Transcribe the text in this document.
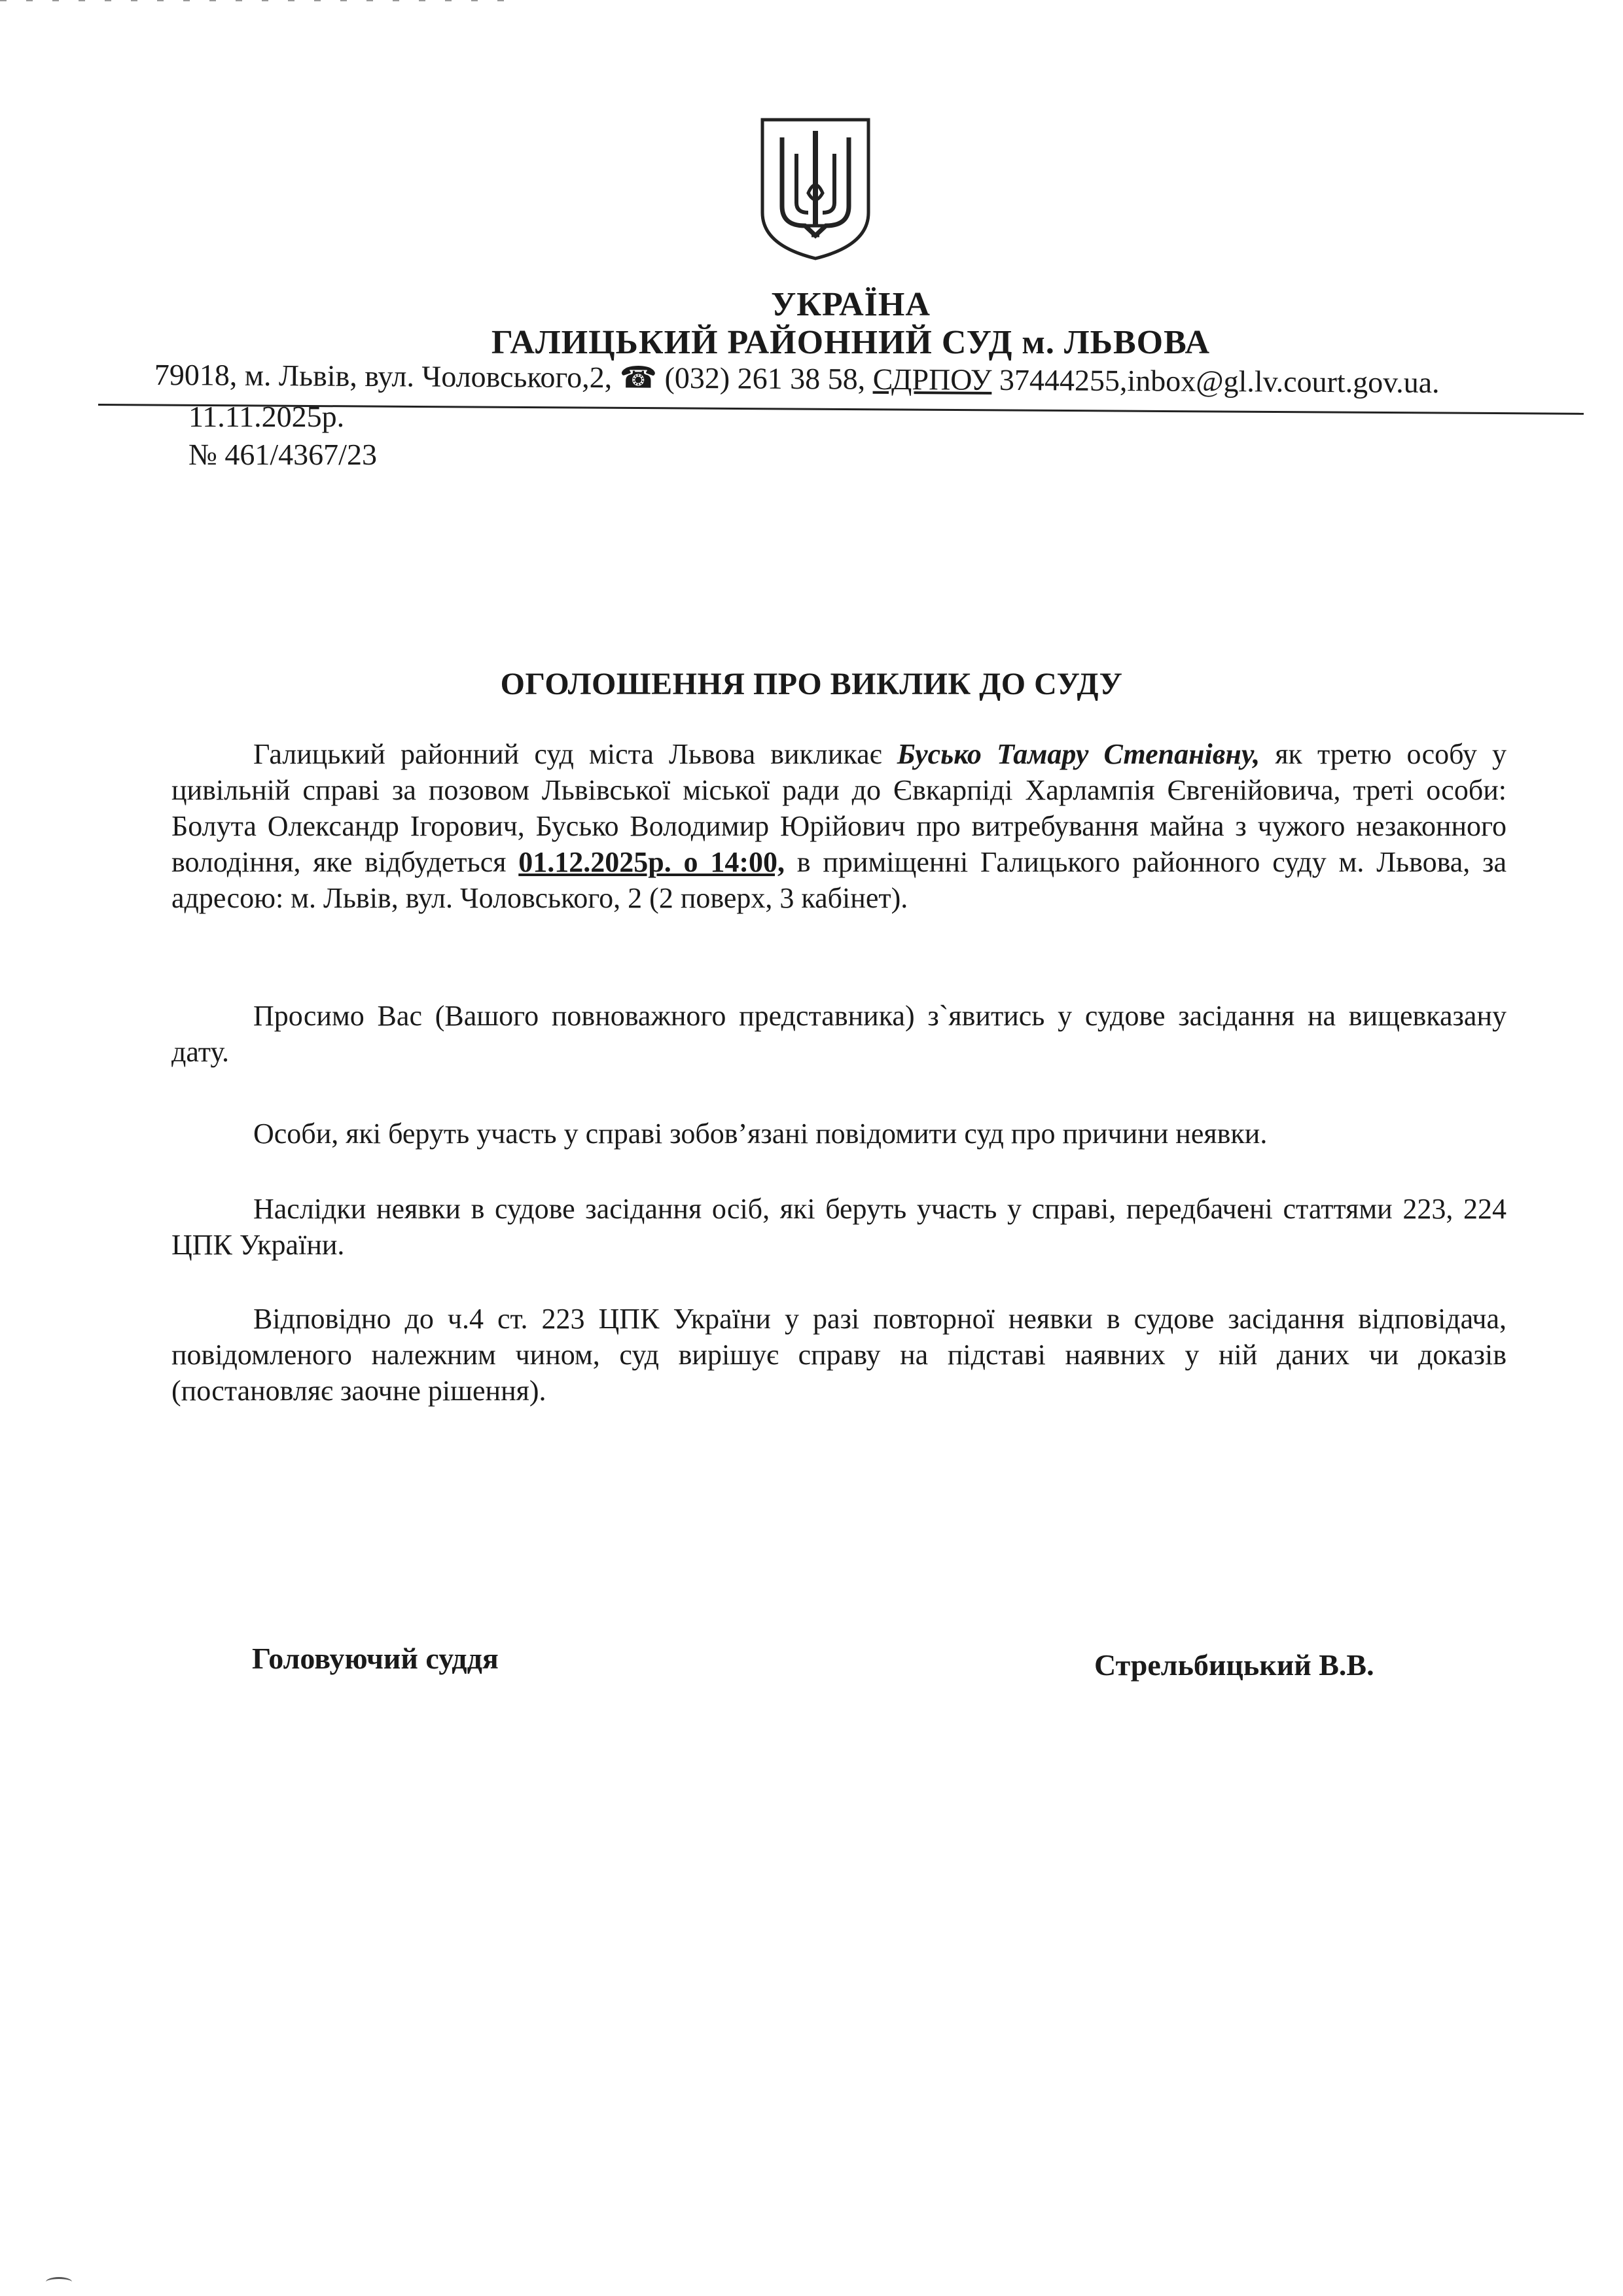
УКРАЇНА
ГАЛИЦЬКИЙ РАЙОННИЙ СУД м. ЛЬВОВА
79018, м. Львів, вул. Чоловського,2, ☎ (032) 261 38 58, СДРПОУ 37444255,inbox@gl.lv.court.gov.ua.
11.11.2025р.
№ 461/4367/23
ОГОЛОШЕННЯ ПРО ВИКЛИК ДО СУДУ

Галицький районний суд міста Львова викликає Бусько Тамару Степанівну, як третю особу у цивільній справі за позовом Львівської міської ради до Євкарпіді Харлампія Євгенійовича, треті особи: Болута Олександр Ігорович, Бусько Володимир Юрійович про витребування майна з чужого незаконного володіння, яке відбудеться 01.12.2025р. о 14:00, в приміщенні Галицького районного суду м. Львова, за адресою: м. Львів, вул. Чоловського, 2 (2 поверх, 3 кабінет).

Просимо Вас (Вашого повноважного представника) з`явитись у судове засідання на вищевказану дату.

Особи, які беруть участь у справі зобов’язані повідомити суд про причини неявки.

Наслідки неявки в судове засідання осіб, які беруть участь у справі, передбачені статтями 223, 224 ЦПК України.

Відповідно до ч.4 ст. 223 ЦПК України у разі повторної неявки в судове засідання відповідача, повідомленого належним чином, суд вирішує справу на підставі наявних у ній даних чи доказів (постановляє заочне рішення).

Головуючий суддя	Стрельбицький В.В.
